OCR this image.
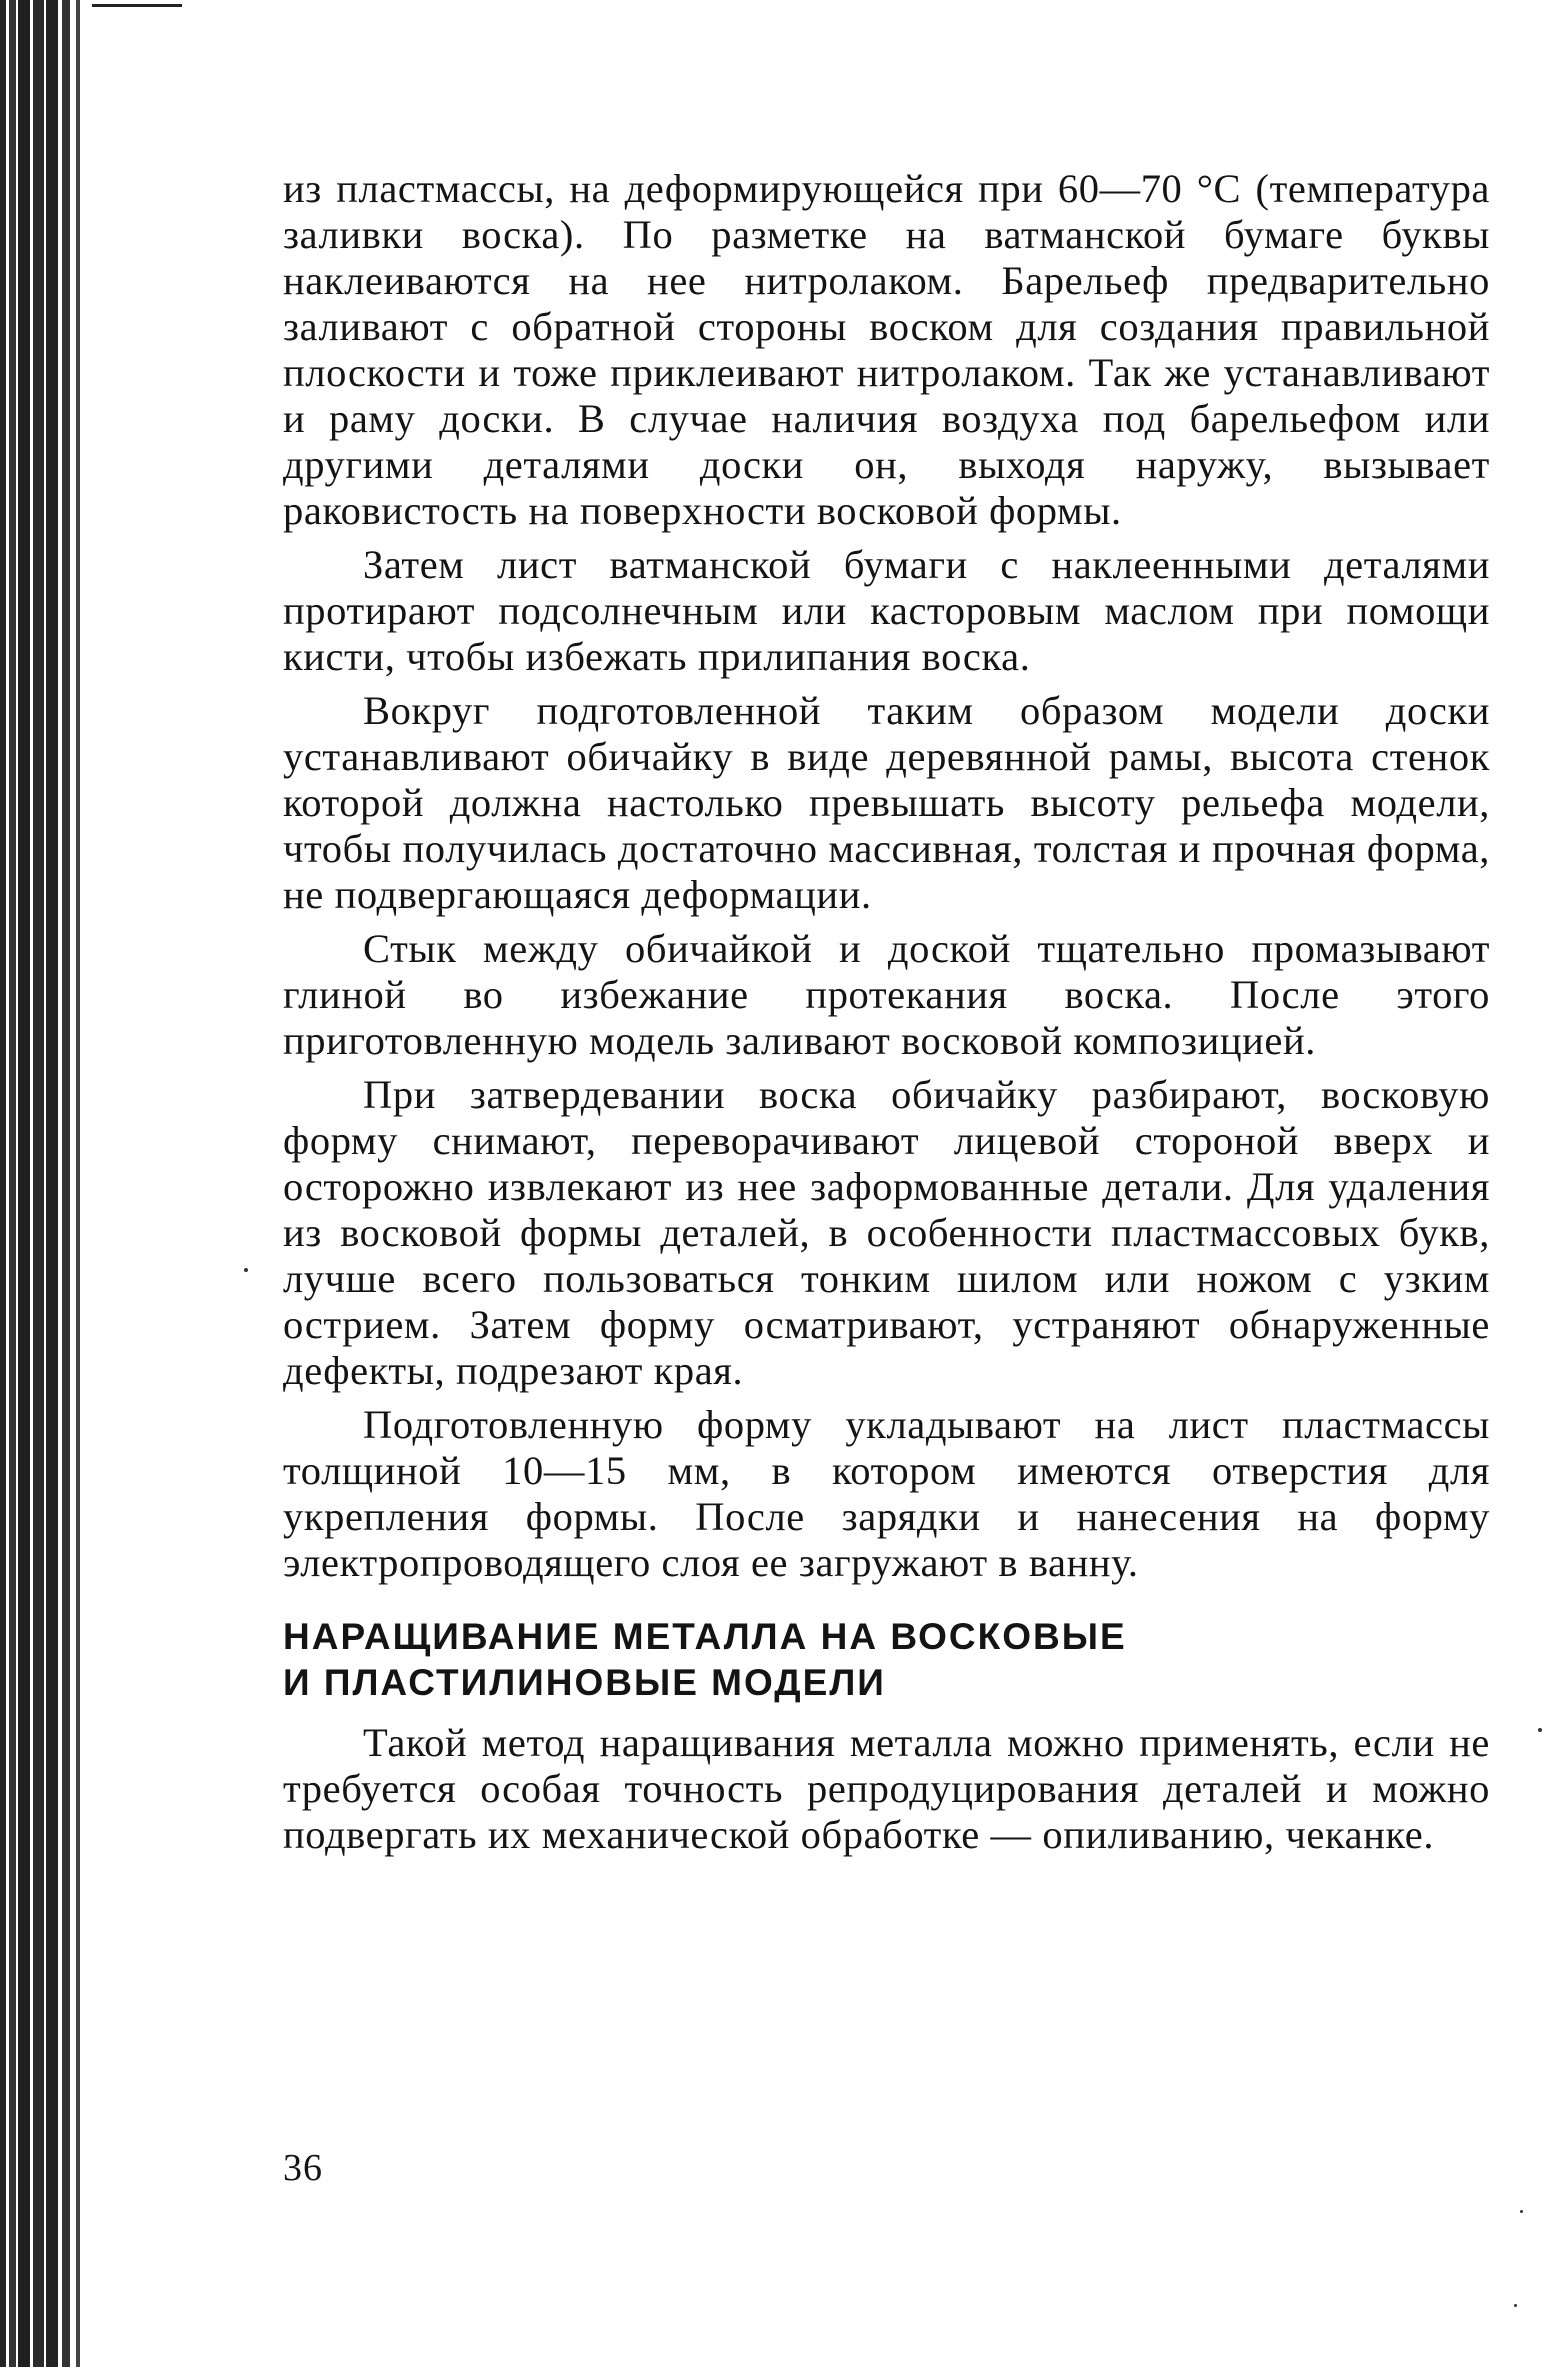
из пластмассы, на деформирующейся при 60—70 °С (температура заливки воска). По разметке на ватманской бумаге буквы наклеиваются на нее нитролаком. Барельеф предварительно заливают с обратной стороны воском для создания правильной плоскости и тоже приклеивают нитролаком. Так же устанавливают и раму доски. В случае наличия воздуха под барельефом или другими деталями доски он, выходя наружу, вызывает раковистость на поверхности восковой формы.

Затем лист ватманской бумаги с наклеенными деталями протирают подсолнечным или касторовым маслом при помощи кисти, чтобы избежать прилипания воска.

Вокруг подготовленной таким образом модели доски устанавливают обичайку в виде деревянной рамы, высота стенок которой должна настолько превышать высоту рельефа модели, чтобы получилась достаточно массивная, толстая и прочная форма, не подвергающаяся деформации.

Стык между обичайкой и доской тщательно промазывают глиной во избежание протекания воска. После этого приготовленную модель заливают восковой композицией.

При затвердевании воска обичайку разбирают, восковую форму снимают, переворачивают лицевой стороной вверх и осторожно извлекают из нее заформованные детали. Для удаления из восковой формы деталей, в особенности пластмассовых букв, лучше всего пользоваться тонким шилом или ножом с узким острием. Затем форму осматривают, устраняют обнаруженные дефекты, подрезают края.

Подготовленную форму укладывают на лист пластмассы толщиной 10—15 мм, в котором имеются отверстия для укрепления формы. После зарядки и нанесения на форму электропроводящего слоя ее загружают в ванну.

НАРАЩИВАНИЕ МЕТАЛЛА НА ВОСКОВЫЕ
И ПЛАСТИЛИНОВЫЕ МОДЕЛИ

Такой метод наращивания металла можно применять, если не требуется особая точность репродуцирования деталей и можно подвергать их механической обработке — опиливанию, чеканке.

36
